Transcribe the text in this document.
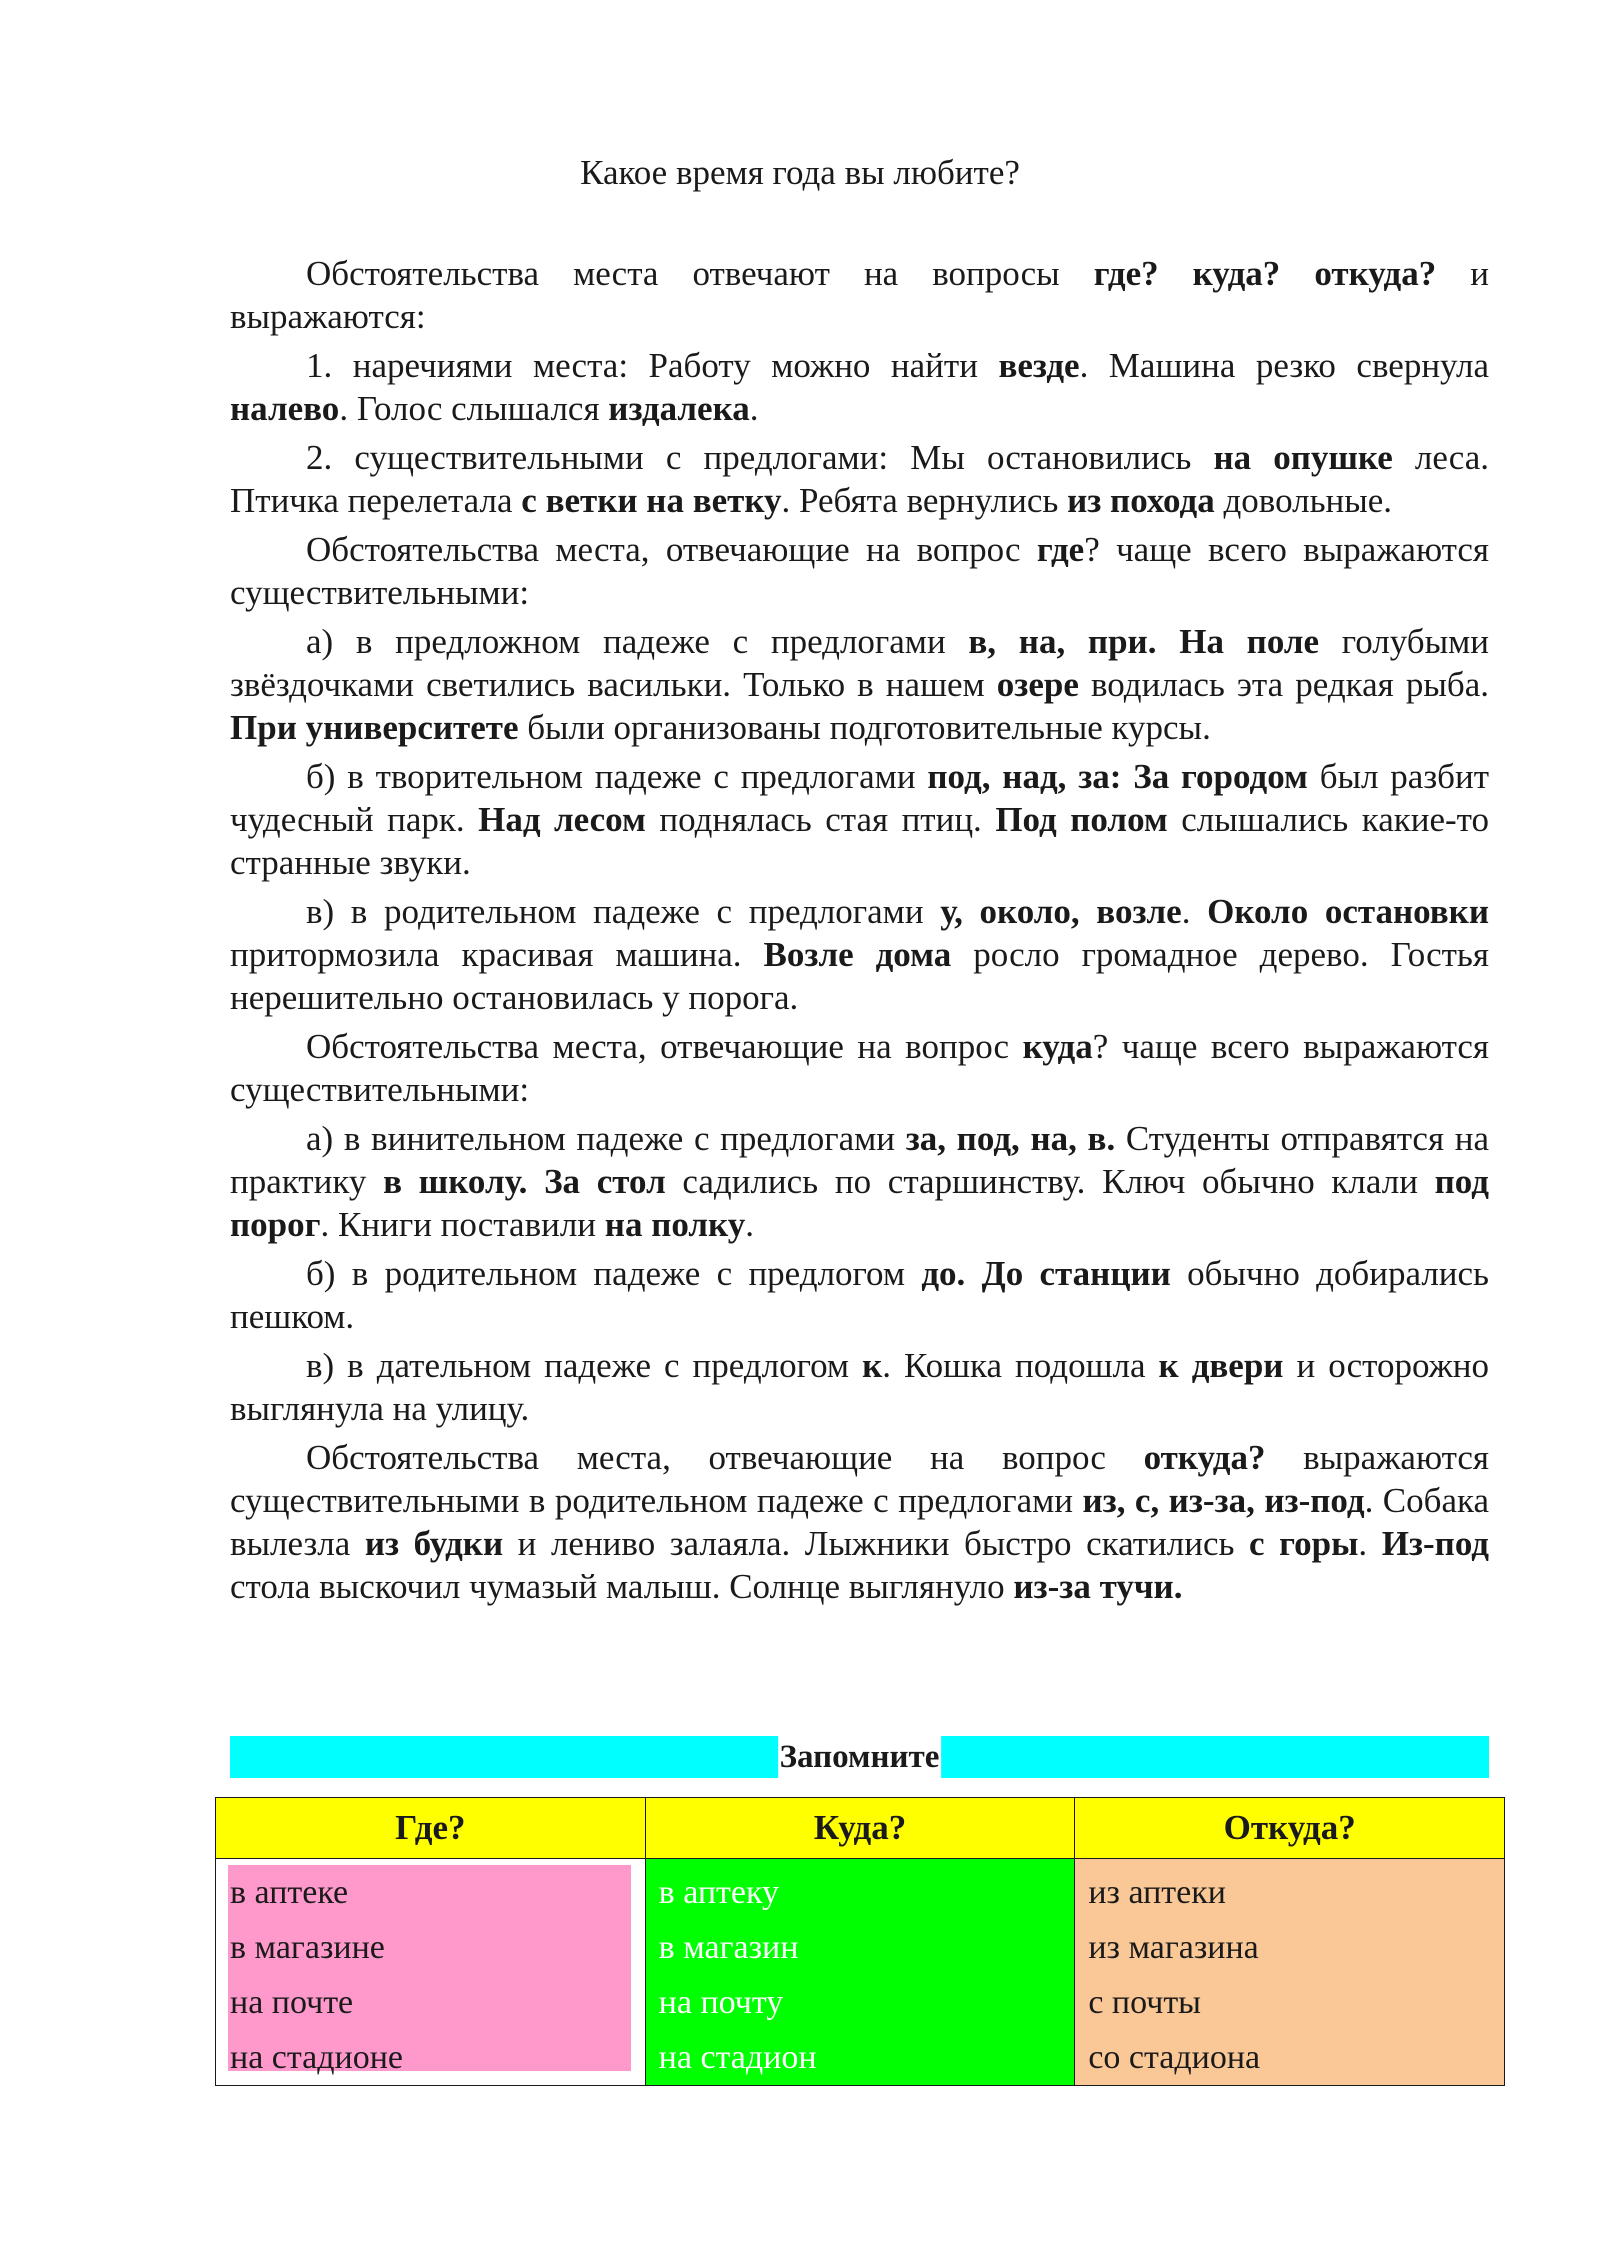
Какое время года вы любите?

Обстоятельства места отвечают на вопросы где? куда? откуда? и выражаются:

1. наречиями места: Работу можно найти везде. Машина резко свернула налево. Голос слышался издалека.

2. существительными с предлогами: Мы остановились на опушке леса. Птичка перелетала с ветки на ветку. Ребята вернулись из похода довольные.

Обстоятельства места, отвечающие на вопрос где? чаще всего выражаются существительными:

а) в предложном падеже с предлогами в, на, при. На поле голубыми звёздочками светились васильки. Только в нашем озере водилась эта редкая рыба. При университете были организованы подготовительные курсы.

б) в творительном падеже с предлогами под, над, за: За городом был разбит чудесный парк. Над лесом поднялась стая птиц. Под полом слышались какие-то странные звуки.

в) в родительном падеже с предлогами у, около, возле. Около остановки притормозила красивая машина. Возле дома росло громадное дерево. Гостья нерешительно остановилась у порога.

Обстоятельства места, отвечающие на вопрос куда? чаще всего выражаются существительными:

а) в винительном падеже с предлогами за, под, на, в. Студенты отправятся на практику в школу. За стол садились по старшинству. Ключ обычно клали под порог. Книги поставили на полку.

б) в родительном падеже с предлогом до. До станции обычно добирались пешком.

в) в дательном падеже с предлогом к. Кошка подошла к двери и осторожно выглянула на улицу.

Обстоятельства места, отвечающие на вопрос откуда? выражаются существительными в родительном падеже с предлогами из, с, из-за, из-под. Собака вылезла из будки и лениво залаяла. Лыжники быстро скатились с горы. Из-под стола выскочил чумазый малыш. Солнце выглянуло из-за тучи.

Запомните
Где?	Куда?	Откуда?

в аптеке
в магазине
на почте
на стадионе	в аптеку
в магазин
на почту
на стадион	из аптеки
из магазина
с почты
со стадиона
